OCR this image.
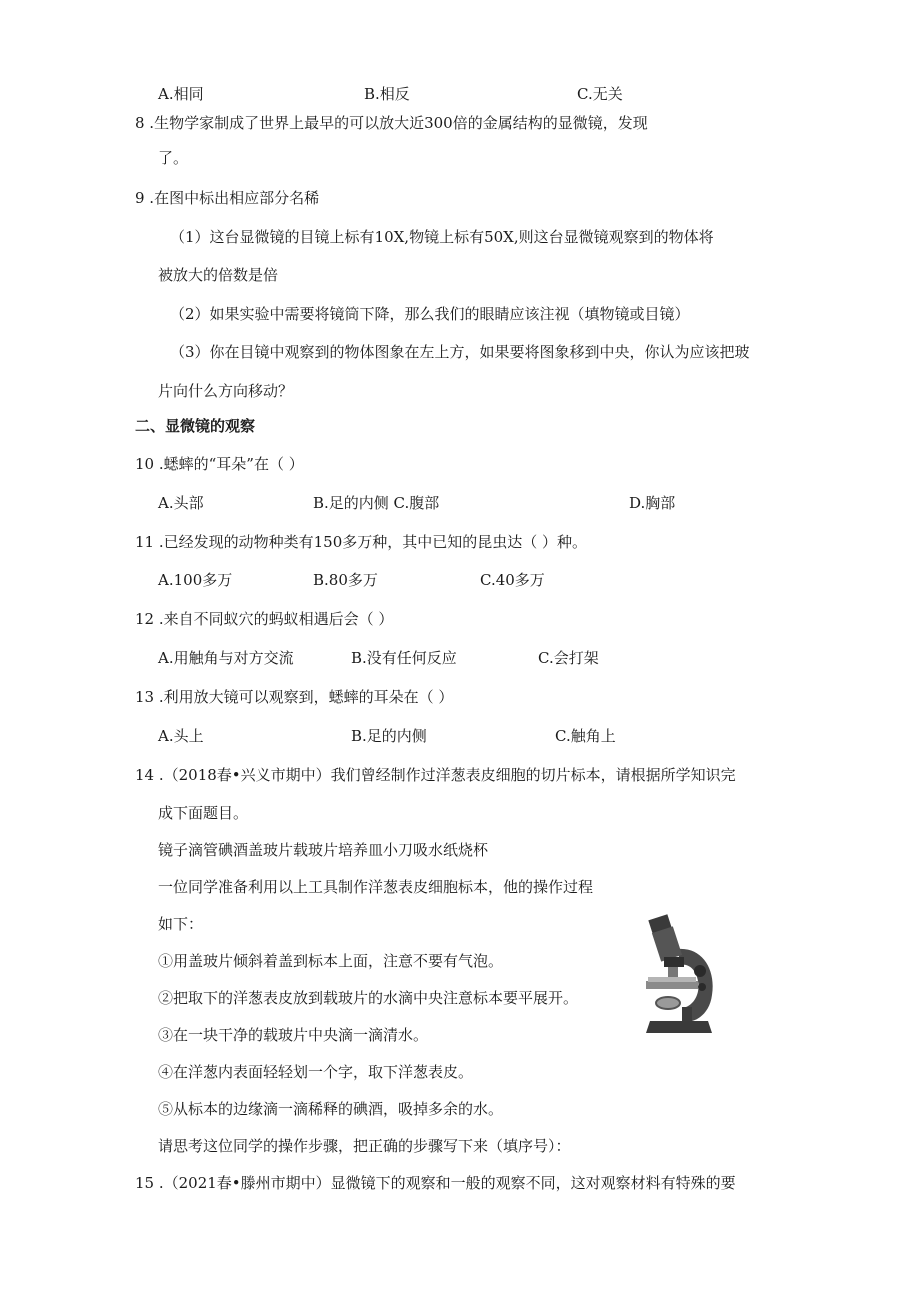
A.相同	B.相反	C.无关
8 .生物学家制成了世界上最早的可以放大近300倍的金属结构的显微镜，发现
了。
9 .在图中标出相应部分名稀
（1）这台显微镜的目镜上标有10X,物镜上标有50X,则这台显微镜观察到的物体将
被放大的倍数是倍
（2）如果实验中需要将镜筒下降，那么我们的眼睛应该注视（填物镜或目镜）
（3）你在目镜中观察到的物体图象在左上方，如果要将图象移到中央，你认为应该把玻
片向什么方向移动？
二、显微镜的观察
10 .蟋蟀的“耳朵”在（ ）
A.头部	B.足的内侧 C.腹部	D.胸部
11 .已经发现的动物种类有150多万种，其中已知的昆虫达（ ）种。
A.100多万	B.80多万	C.40多万
12 .来自不同蚁穴的蚂蚁相遇后会（ ）
A.用触角与对方交流	B.没有任何反应	C.会打架
13 .利用放大镜可以观察到，蟋蟀的耳朵在（ ）
A.头上	B.足的内侧	C.触角上
14 .（2018春•兴义市期中）我们曾经制作过洋葱表皮细胞的切片标本，请根据所学知识完
成下面题目。
镜子滴管碘酒盖玻片载玻片培养皿小刀吸水纸烧杯
一位同学准备利用以上工具制作洋葱表皮细胞标本，他的操作过程
如下：
①用盖玻片倾斜着盖到标本上面，注意不要有气泡。
②把取下的洋葱表皮放到载玻片的水滴中央注意标本要平展开。
③在一块干净的载玻片中央滴一滴清水。
④在洋葱内表面轻轻划一个字，取下洋葱表皮。
⑤从标本的边缘滴一滴稀释的碘酒，吸掉多余的水。
请思考这位同学的操作步骤，把正确的步骤写下来（填序号）：
15 .（2021春•滕州市期中）显微镜下的观察和一般的观察不同，这对观察材料有特殊的要
